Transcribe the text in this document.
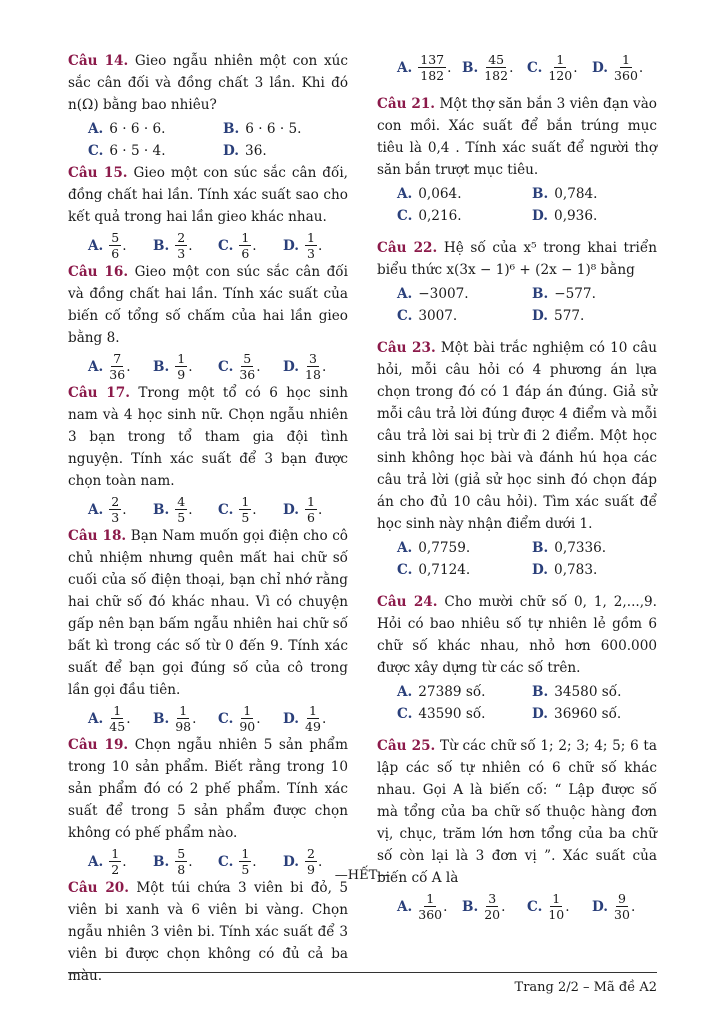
Câu 14. Gieo ngẫu nhiên một con xúc sắc cân đối và đồng chất 3 lần. Khi đó n(Ω) bằng bao nhiêu?

A. 6 · 6 · 6.	B. 6 · 6 · 5.
C. 6 · 5 · 4.	D. 36.

Câu 15. Gieo một con súc sắc cân đối, đồng chất hai lần. Tính xác suất sao cho kết quả trong hai lần gieo khác nhau.

A. $\frac{5}{6}$ . B. $\frac{2}{3}$ . C. $\frac{1}{6}$ . D. $\frac{1}{3}$ .

Câu 16. Gieo một con súc sắc cân đối và đồng chất hai lần. Tính xác suất của biến cố tổng số chấm của hai lần gieo bằng 8.

A. $\frac{7}{36}$ . B. $\frac{1}{9}$ . C. $\frac{5}{36}$ . D. $\frac{3}{18}$ .

Câu 17. Trong một tổ có 6 học sinh nam và 4 học sinh nữ. Chọn ngẫu nhiên 3 bạn trong tổ tham gia đội tình nguyện. Tính xác suất để 3 bạn được chọn toàn nam.

A. $\frac{2}{3}$ . B. $\frac{4}{5}$ . C. $\frac{1}{5}$ . D. $\frac{1}{6}$ .

Câu 18. Bạn Nam muốn gọi điện cho cô chủ nhiệm nhưng quên mất hai chữ số cuối của số điện thoại, bạn chỉ nhớ rằng hai chữ số đó khác nhau. Vì có chuyện gấp nên bạn bấm ngẫu nhiên hai chữ số bất kì trong các số từ 0 đến 9. Tính xác suất để bạn gọi đúng số của cô trong lần gọi đầu tiên.

A. $\frac{1}{45}$ . B. $\frac{1}{98}$ . C. $\frac{1}{90}$ . D. $\frac{1}{49}$ .

Câu 19. Chọn ngẫu nhiên 5 sản phẩm trong 10 sản phẩm. Biết rằng trong 10 sản phẩm đó có 2 phế phẩm. Tính xác suất để trong 5 sản phẩm được chọn không có phế phẩm nào.

A. $\frac{1}{2}$ . B. $\frac{5}{8}$ . C. $\frac{1}{5}$ . D. $\frac{2}{9}$ .

Câu 20. Một túi chứa 3 viên bi đỏ, 5 viên bi xanh và 6 viên bi vàng. Chọn ngẫu nhiên 3 viên bi. Tính xác suất để 3 viên bi được chọn không có đủ cả ba màu.

A. $\frac{137}{182}$ . B. $\frac{45}{182}$ . C. $\frac{1}{120}$ . D. $\frac{1}{360}$ .

Câu 21. Một thợ săn bắn 3 viên đạn vào con mồi. Xác suất để bắn trúng mục tiêu là 0,4 . Tính xác suất để người thợ săn bắn trượt mục tiêu.

A. 0,064.	B. 0,784.
C. 0,216.	D. 0,936.

Câu 22. Hệ số của x⁵ trong khai triển biểu thức x(3x − 1)⁶ + (2x − 1)⁸ bằng

A. −3007.	B. −577.
C. 3007.	D. 577.

Câu 23. Một bài trắc nghiệm có 10 câu hỏi, mỗi câu hỏi có 4 phương án lựa chọn trong đó có 1 đáp án đúng. Giả sử mỗi câu trả lời đúng được 4 điểm và mỗi câu trả lời sai bị trừ đi 2 điểm. Một học sinh không học bài và đánh hú họa các câu trả lời (giả sử học sinh đó chọn đáp án cho đủ 10 câu hỏi). Tìm xác suất để học sinh này nhận điểm dưới 1.

A. 0,7759.	B. 0,7336.
C. 0,7124.	D. 0,783.

Câu 24. Cho mười chữ số 0, 1, 2,...,9. Hỏi có bao nhiêu số tự nhiên lẻ gồm 6 chữ số khác nhau, nhỏ hơn 600.000 được xây dựng từ các số trên.

A. 27389 số.	B. 34580 số.
C. 43590 số.	D. 36960 số.

Câu 25. Từ các chữ số 1; 2; 3; 4; 5; 6 ta lập các số tự nhiên có 6 chữ số khác nhau. Gọi A là biến cố: “ Lập được số mà tổng của ba chữ số thuộc hàng đơn vị, chục, trăm lớn hơn tổng của ba chữ số còn lại là 3 đơn vị ”. Xác suất của biến cố A là

A. $\frac{1}{360}$ . B. $\frac{3}{20}$ . C. $\frac{1}{10}$ . D. $\frac{9}{30}$ .
—HẾT—
Trang 2/2 – Mã đề A2
